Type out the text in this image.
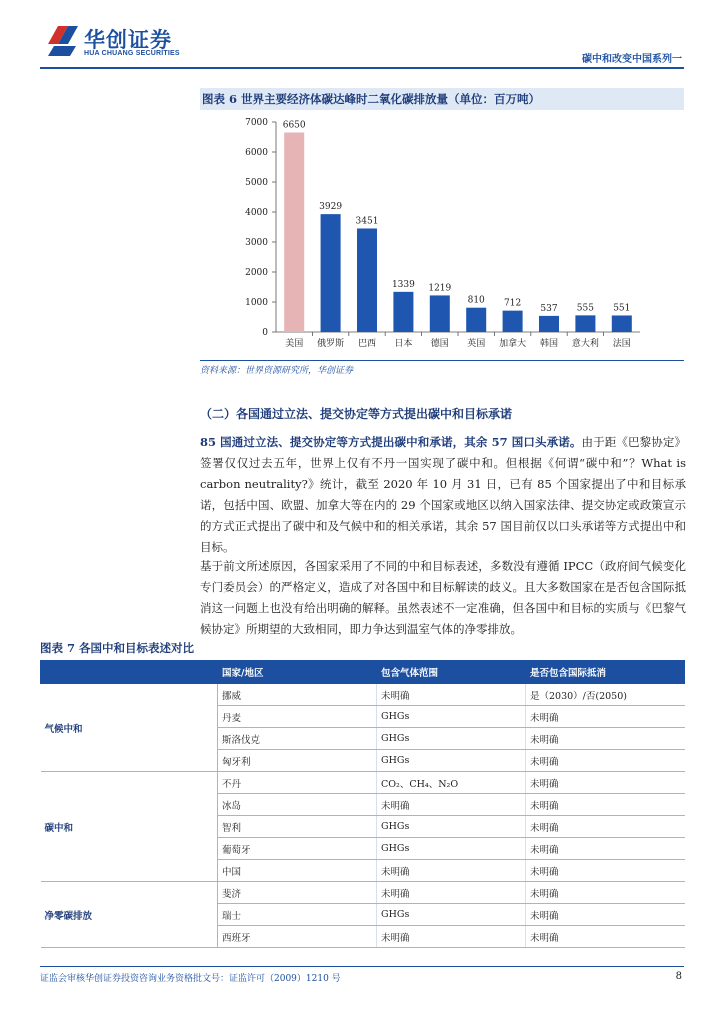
华创证券
HUA CHUANG SECURITIES
碳中和改变中国系列一
图表 6 世界主要经济体碳达峰时二氧化碳排放量（单位：百万吨）
0
1000
2000
3000
4000
5000
6000
7000 6650
美国
3929
俄罗斯
3451
巴西
1339
日本
1219
德国
810
英国
712
加拿大
537
韩国
555
意大利
551
法国
资料来源：世界资源研究所，华创证券
（二）各国通过立法、提交协定等方式提出碳中和目标承诺
85 国通过立法、提交协定等方式提出碳中和承诺，其余 57 国口头承诺。由于距《巴黎协定》签署仅仅过去五年，世界上仅有不丹一国实现了碳中和。但根据《何谓“碳中和”？What is carbon neutrality?》统计，截至 2020 年 10 月 31 日，已有 85 个国家提出了中和目标承诺，包括中国、欧盟、加拿大等在内的 29 个国家或地区以纳入国家法律、提交协定或政策宣示的方式正式提出了碳中和及气候中和的相关承诺，其余 57 国目前仅以口头承诺等方式提出中和目标。
基于前文所述原因，各国家采用了不同的中和目标表述，多数没有遵循 IPCC（政府间气候变化专门委员会）的严格定义，造成了对各国中和目标解读的歧义。且大多数国家在是否包含国际抵消这一问题上也没有给出明确的解释。虽然表述不一定准确，但各国中和目标的实质与《巴黎气候协定》所期望的大致相同，即力争达到温室气体的净零排放。
图表 7 各国中和目标表述对比
	国家/地区	包含气体范围	是否包含国际抵消
气候中和	挪威	未明确	是（2030）/否(2050)
	丹麦	GHGs	未明确
	斯洛伐克	GHGs	未明确
	匈牙利	GHGs	未明确
碳中和	不丹	CO₂、CH₄、N₂O	未明确
	冰岛	未明确	未明确
	智利	GHGs	未明确
	葡萄牙	GHGs	未明确
	中国	未明确	未明确
净零碳排放	斐济	未明确	未明确
	瑞士	GHGs	未明确
	西班牙	未明确	未明确
证监会审核华创证券投资咨询业务资格批文号：证监许可（2009）1210 号	8
